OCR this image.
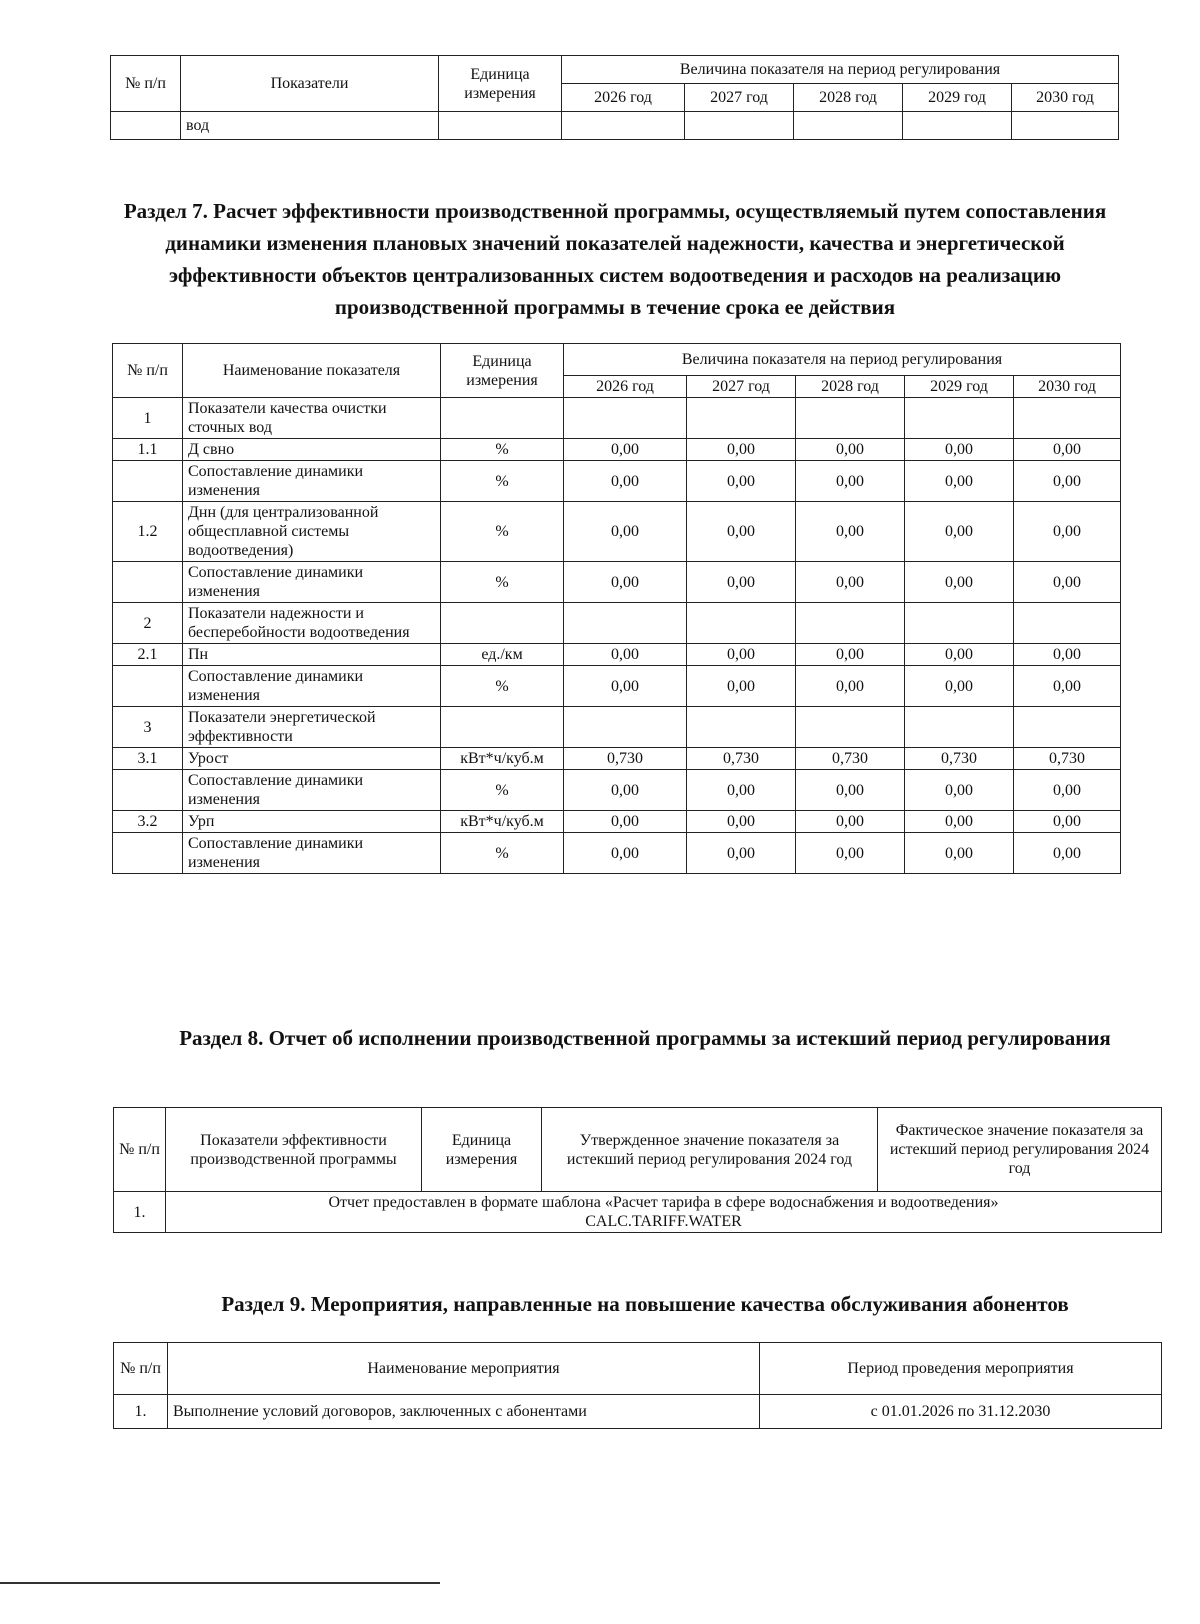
№ п/п	Показатели	Единица измерения	Величина показателя на период регулирования				
			2026 год	2027 год	2028 год	2029 год	2030 год
	вод						
Раздел 7. Расчет эффективности производственной программы, осуществляемый путем сопоставления динамики изменения плановых значений показателей надежности, качества и энергетической эффективности объектов централизованных систем водоотведения и расходов на реализацию производственной программы в течение срока ее действия
№ п/п	Наименование показателя	Единица измерения	Величина показателя на период регулирования				
			2026 год	2027 год	2028 год	2029 год	2030 год
1	Показатели качества очистки сточных вод						
1.1	Д свно	%	0,00	0,00	0,00	0,00	0,00
	Сопоставление динамики изменения	%	0,00	0,00	0,00	0,00	0,00
1.2	Днн (для централизованной общесплавной системы водоотведения)	%	0,00	0,00	0,00	0,00	0,00
	Сопоставление динамики изменения	%	0,00	0,00	0,00	0,00	0,00
2	Показатели надежности и бесперебойности водоотведения						
2.1	Пн	ед./км	0,00	0,00	0,00	0,00	0,00
	Сопоставление динамики изменения	%	0,00	0,00	0,00	0,00	0,00
3	Показатели энергетической эффективности						
3.1	Урост	кВт*ч/куб.м	0,730	0,730	0,730	0,730	0,730
	Сопоставление динамики изменения	%	0,00	0,00	0,00	0,00	0,00
3.2	Урп	кВт*ч/куб.м	0,00	0,00	0,00	0,00	0,00
	Сопоставление динамики изменения	%	0,00	0,00	0,00	0,00	0,00
Раздел 8. Отчет об исполнении производственной программы за истекший период регулирования
№ п/п	Показатели эффективности производственной программы	Единица измерения	Утвержденное значение показателя за истекший период регулирования 2024 год	Фактическое значение показателя за истекший период регулирования 2024 год
1.	Отчет предоставлен в формате шаблона «Расчет тарифа в сфере водоснабжения и водоотведения»
CALC.TARIFF.WATER			
Раздел 9. Мероприятия, направленные на повышение качества обслуживания абонентов
№ п/п	Наименование мероприятия	Период проведения мероприятия
1.	Выполнение условий договоров, заключенных с абонентами	с 01.01.2026 по 31.12.2030
